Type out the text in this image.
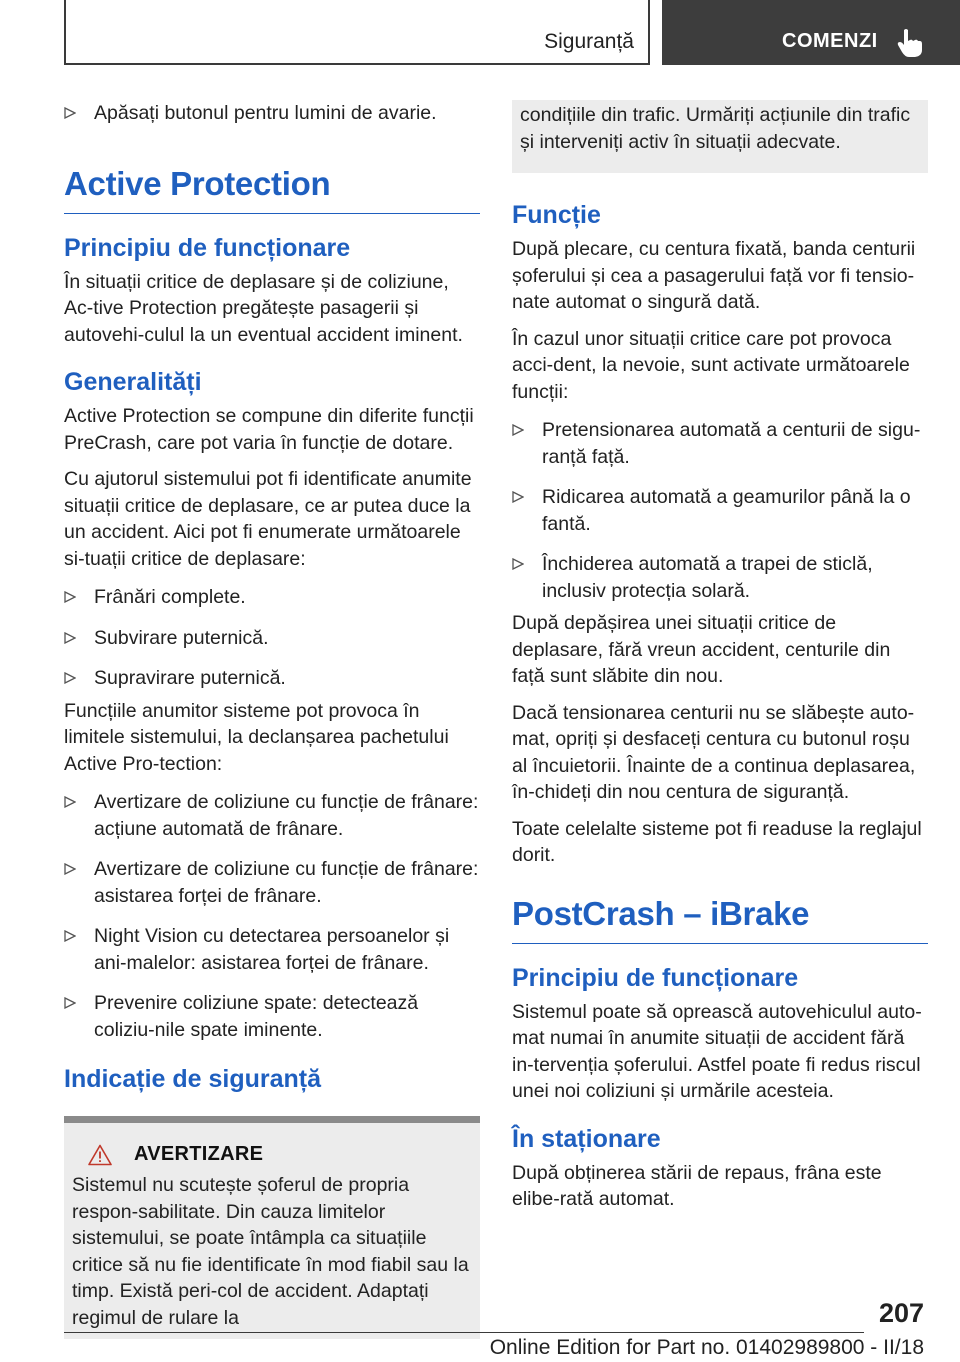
Siguranță	COMENZI
Apăsați butonul pentru lumini de avarie.
Active Protection
Principiu de funcționare

În situații critice de deplasare și de coliziune, Ac-tive Protection pregătește pasagerii și autovehi-culul la un eventual accident iminent.

Generalități

Active Protection se compune din diferite funcții PreCrash, care pot varia în funcție de dotare.

Cu ajutorul sistemului pot fi identificate anumite situații critice de deplasare, ce ar putea duce la un accident. Aici pot fi enumerate următoarele si-tuații critice de deplasare:

Frânări complete.
Subvirare puternică.
Supravirare puternică.

Funcțiile anumitor sisteme pot provoca în limitele sistemului, la declanșarea pachetului Active Pro-tection:

Avertizare de coliziune cu funcție de frânare: acțiune automată de frânare.
Avertizare de coliziune cu funcție de frânare: asistarea forței de frânare.
Night Vision cu detectarea persoanelor și ani-malelor: asistarea forței de frânare.
Prevenire coliziune spate: detectează coliziu-nile spate iminente.
Indicație de siguranță
AVERTIZARE

Sistemul nu scutește șoferul de propria respon-sabilitate. Din cauza limitelor sistemului, se poate întâmpla ca situațiile critice să nu fie identificate în mod fiabil sau la timp. Există peri-col de accident. Adaptați regimul de rulare la

condițiile din trafic. Urmăriți acțiunile din trafic și interveniți activ în situații adecvate.

Funcție

După plecare, cu centura fixată, banda centurii șoferului și cea a pasagerului față vor fi tensio-nate automat o singură dată.

În cazul unor situații critice care pot provoca acci-dent, la nevoie, sunt activate următoarele funcții:

Pretensionarea automată a centurii de sigu-ranță față.
Ridicarea automată a geamurilor până la o fantă.
Închiderea automată a trapei de sticlă, inclusiv protecția solară.

După depășirea unei situații critice de deplasare, fără vreun accident, centurile din față sunt slăbite din nou.

Dacă tensionarea centurii nu se slăbește auto-mat, opriți și desfaceți centura cu butonul roșu al încuietorii. Înainte de a continua deplasarea, în-chideți din nou centura de siguranță.

Toate celelalte sisteme pot fi readuse la reglajul dorit.

PostCrash – iBrake
Principiu de funcționare

Sistemul poate să oprească autovehiculul auto-mat numai în anumite situații de accident fără in-tervenția șoferului. Astfel poate fi redus riscul unei noi coliziuni și urmările acesteia.

În staționare

După obținerea stării de repaus, frâna este elibe-rată automat.

207
Online Edition for Part no. 01402989800 - II/18
